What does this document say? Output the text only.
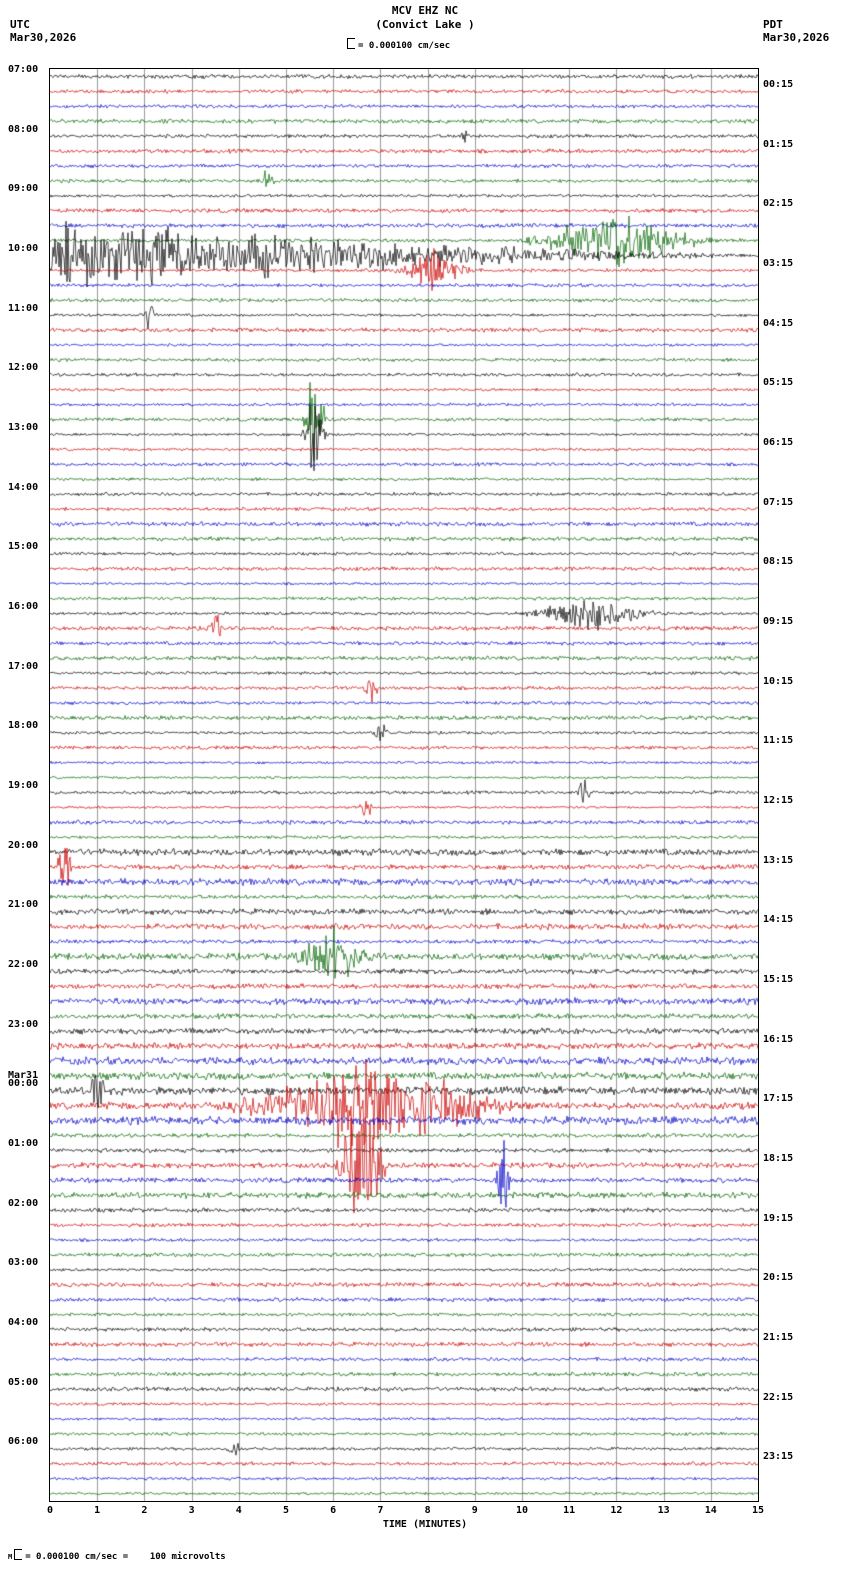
MCV EHZ NC
(Convict Lake )
UTC
Mar30,2026
PDT
Mar30,2026
= 0.000100 cm/sec
07:00
08:00
09:00
10:00
11:00
12:00
13:00
14:00
15:00
16:00
17:00
18:00
19:00
20:00
21:00
22:00
23:00
Mar31
00:00
01:00
02:00
03:00
04:00
05:00
06:00
00:15
01:15
02:15
03:15
04:15
05:15
06:15
07:15
08:15
09:15
10:15
11:15
12:15
13:15
14:15
15:15
16:15
17:15
18:15
19:15
20:15
21:15
22:15
23:15
0	1	2	3	4	5	6	7	8	9	10	11	12	13	14	15
TIME (MINUTES)
M = 0.000100 cm/sec =    100 microvolts
